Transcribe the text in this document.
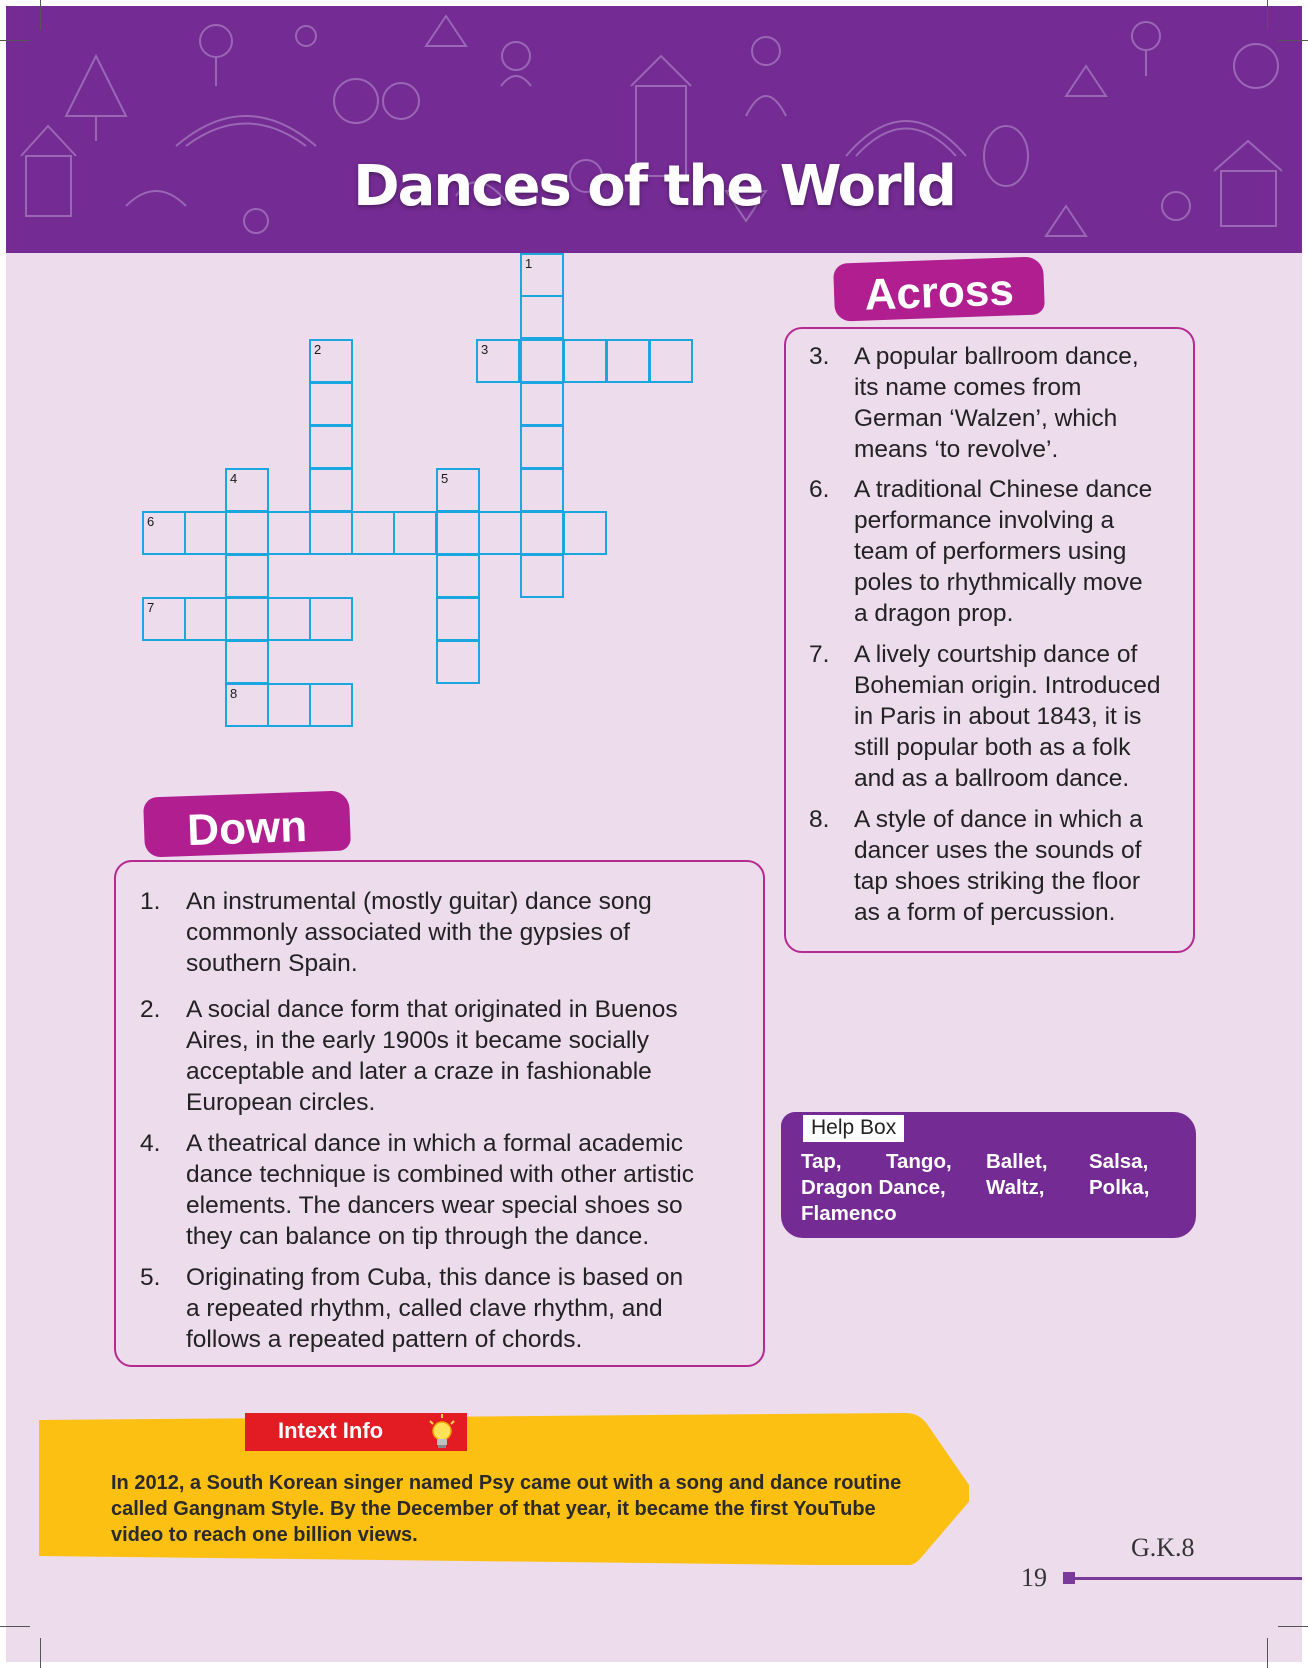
Dances of the World
1
3
2
4	5
6
7
8
3. A popular ballroom dance,
its name comes from
German ‘Walzen’, which
means ‘to revolve’.
6. A traditional Chinese dance
performance involving a
team of performers using
poles to rhythmically move
a dragon prop.
7. A lively courtship dance of
Bohemian origin. Introduced
in Paris in about 1843, it is
still popular both as a folk
and as a ballroom dance.
8. A style of dance in which a
dancer uses the sounds of
tap shoes striking the floor
as a form of percussion.
Across
1. An instrumental (mostly guitar) dance song
commonly associated with the gypsies of
southern Spain.
2. A social dance form that originated in Buenos
Aires, in the early 1900s it became socially
acceptable and later a craze in fashionable
European circles.
4. A theatrical dance in which a formal academic
dance technique is combined with other artistic
elements. The dancers wear special shoes so
they can balance on tip through the dance.
5. Originating from Cuba, this dance is based on
a repeated rhythm, called clave rhythm, and
follows a repeated pattern of chords.
Down
Help Box
Tap, Tango, Ballet, Salsa,
Dragon Dance, Waltz, Polka,
Flamenco
Intext Info
In 2012, a South Korean singer named Psy came out with a song and dance routine
called Gangnam Style. By the December of that year, it became the first YouTube
video to reach one billion views.	G.K.8
19
